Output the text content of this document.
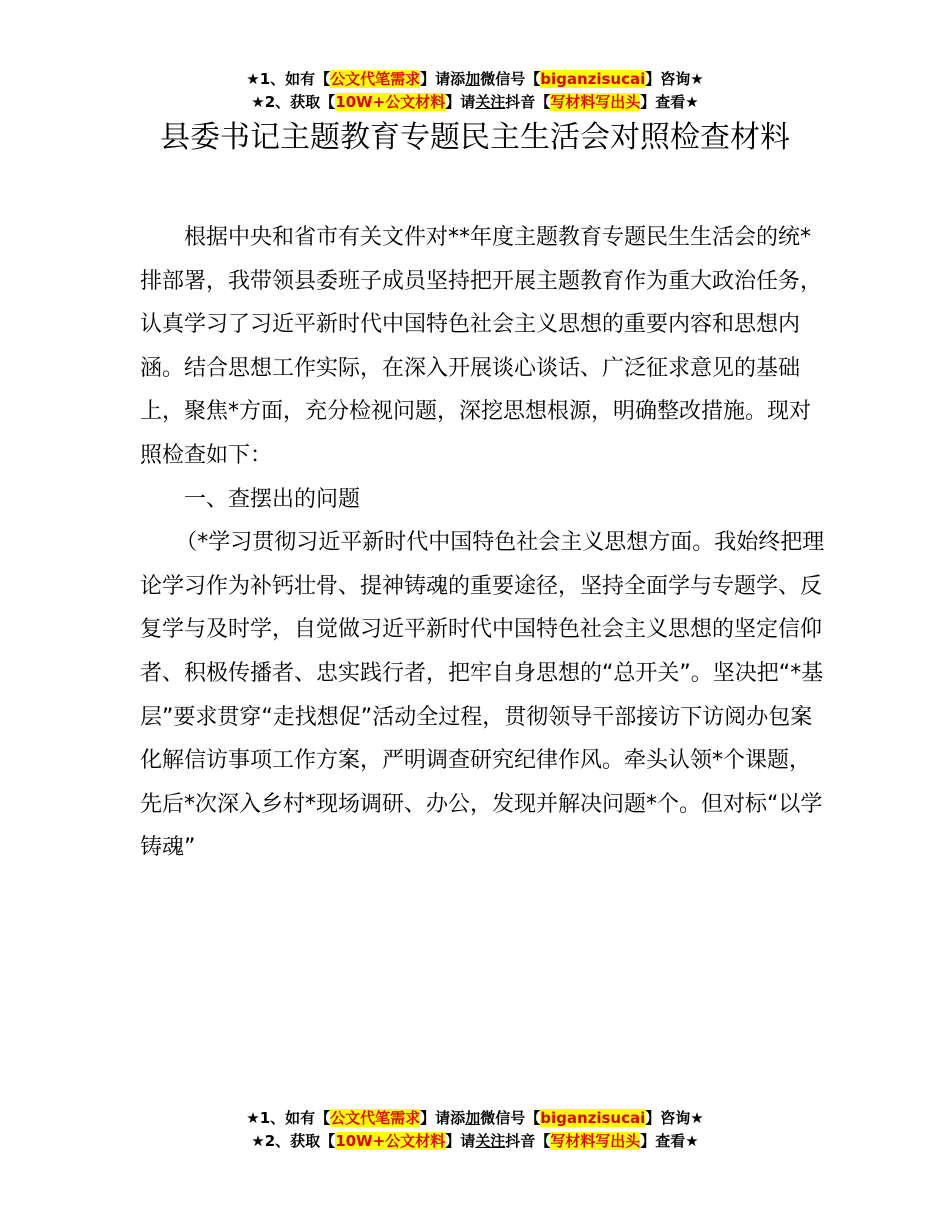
★1、如有【公文代笔需求】请添加微信号【biganzisucai】咨询★
★2、获取【10W+公文材料】请关注抖音【写材料写出头】查看★
县委书记主题教育专题民主生活会对照检查材料

根据中央和省市有关文件对**年度主题教育专题民生生活会的统*排部署，我带领县委班子成员坚持把开展主题教育作为重大政治任务，认真学习了习近平新时代中国特色社会主义思想的重要内容和思想内涵。结合思想工作实际，在深入开展谈心谈话、广泛征求意见的基础上，聚焦*方面，充分检视问题，深挖思想根源，明确整改措施。现对照检查如下：

一、查摆出的问题

（*学习贯彻习近平新时代中国特色社会主义思想方面。我始终把理论学习作为补钙壮骨、提神铸魂的重要途径，坚持全面学与专题学、反复学与及时学，自觉做习近平新时代中国特色社会主义思想的坚定信仰者、积极传播者、忠实践行者，把牢自身思想的“总开关”。坚决把“*基层”要求贯穿“走找想促”活动全过程，贯彻领导干部接访下访阅办包案化解信访事项工作方案，严明调查研究纪律作风。牵头认领*个课题，先后*次深入乡村*现场调研、办公，发现并解决问题*个。但对标“以学铸魂”

★1、如有【公文代笔需求】请添加微信号【biganzisucai】咨询★
★2、获取【10W+公文材料】请关注抖音【写材料写出头】查看★
